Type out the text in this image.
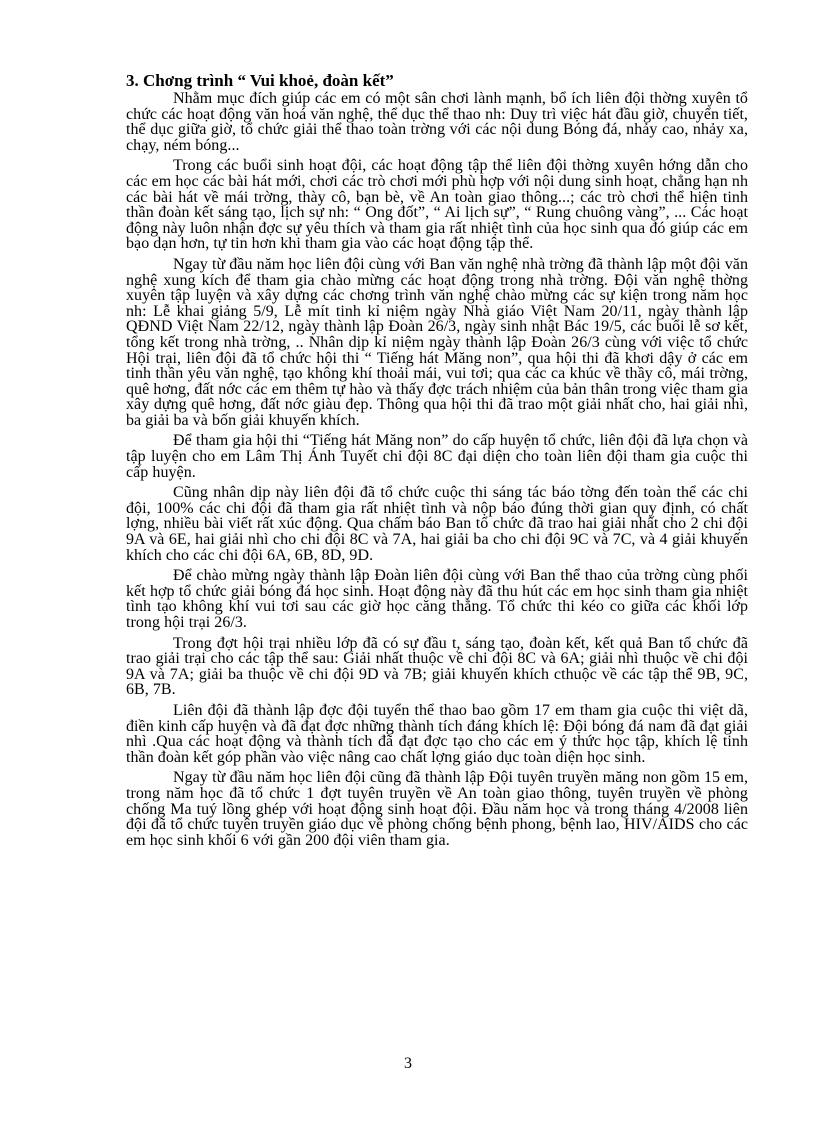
3. Chơng trình “ Vui khoẻ, đoàn kết”

Nhằm mục đích giúp các em có một sân chơi lành mạnh, bổ ích liên đội thờng xuyên tổ chức các hoạt động văn hoá văn nghệ, thể dục thể thao nh: Duy trì việc hát đầu giờ, chuyển tiết, thể dục giữa giờ, tổ chức giải thể thao toàn trờng với các nội dung Bóng đá, nhảy cao, nhảy xa, chạy, ném bóng...

Trong các buổi sinh hoạt đội, các hoạt động tập thể liên đội thờng xuyên hớng dẫn cho các em học các bài hát mới, chơi các trò chơi mới phù hợp với nội dung sinh hoạt, chẳng hạn nh các bài hát về mái trờng, thày cô, bạn bè, về An toàn giao thông...; các trò chơi thể hiện tinh thần đoàn kết sáng tạo, lịch sự nh: “ Ong đốt”, “ Ai lịch sự”, “ Rung chuông vàng”, ... Các hoạt động này luôn nhận đợc sự yêu thích và tham gia rất nhiệt tình của học sinh qua đó giúp các em bạo dạn hơn, tự tin hơn khi tham gia vào các hoạt động tập thể.

Ngay từ đầu năm học liên đội cùng với Ban văn nghệ nhà trờng đã thành lập một đội văn nghệ xung kích để tham gia chào mừng các hoạt động trong nhà trờng. Đội văn nghệ thờng xuyên tập luyện và xây dựng các chơng trình văn nghệ chào mừng các sự kiện trong năm học nh: Lễ khai giảng 5/9, Lễ mít tinh kỉ niệm ngày Nhà giáo Việt Nam 20/11, ngày thành lập QĐND Việt Nam 22/12, ngày thành lập Đoàn 26/3, ngày sinh nhật Bác 19/5, các buổi lễ sơ kết, tổng kết trong nhà trờng, .. Nhân dịp kỉ niệm ngày thành lập Đoàn 26/3 cùng với việc tổ chức Hội trại, liên đội đã tổ chức hội thi “ Tiếng hát Măng non”, qua hội thi đã khơi dậy ở các em tinh thần yêu văn nghệ, tạo không khí thoải mái, vui tơi; qua các ca khúc về thầy cô, mái trờng, quê hơng, đất nớc các em thêm tự hào và thấy đợc trách nhiệm của bản thân trong việc tham gia xây dựng quê hơng, đất nớc giàu đẹp. Thông qua hội thi đã trao một giải nhất cho, hai giải nhì, ba giải ba và bốn giải khuyến khích.

Để tham gia hội thi “Tiếng hát Măng non” do cấp huyện tổ chức, liên đội đã lựa chọn và tập luyện cho em Lâm Thị Ánh Tuyết chi đội 8C đại diện cho toàn liên đội tham gia cuộc thi cấp huyện.

Cũng nhân dịp này liên đội đã tổ chức cuộc thi sáng tác báo tờng đến toàn thể các chi đội, 100% các chi đội đã tham gia rất nhiệt tình và nộp báo đúng thời gian quy định, có chất lợng, nhiều bài viết rất xúc động. Qua chấm báo Ban tổ chức đã trao hai giải nhất cho 2 chi đội 9A và 6E, hai giải nhì cho chi đội 8C và 7A, hai giải ba cho chi đội 9C và 7C, và 4 giải khuyến khích cho các chi đội 6A, 6B, 8D, 9D.

Để chào mừng ngày thành lập Đoàn liên đội cùng với Ban thể thao của trờng cùng phối kết hợp tổ chức giải bóng đá học sinh. Hoạt động này đã thu hút các em học sinh tham gia nhiệt tình tạo không khí vui tơi sau các giờ học căng thẳng. Tổ chức thi kéo co giữa các khối lớp trong hội trại 26/3.

Trong đợt hội trại nhiều lớp đã có sự đầu t, sáng tạo, đoàn kết, kết quả Ban tổ chức đã trao giải trại cho các tập thể sau: Giải nhất thuộc về chi đội 8C và 6A; giải nhì thuộc về chi đội 9A và 7A; giải ba thuộc về chi đội 9D và 7B; giải khuyến khích cthuộc về các tập thể 9B, 9C, 6B, 7B.

Liên đội đã thành lập đợc đội tuyển thể thao bao gồm 17 em tham gia cuộc thi việt dã, điền kinh cấp huyện và đã đạt đợc những thành tích đáng khích lệ: Đội bóng đá nam đã đạt giải nhì .Qua các hoạt động và thành tích đã đạt đợc tạo cho các em ý thức học tập, khích lệ tinh thần đoàn kết góp phần vào việc nâng cao chất lợng giáo dục toàn diện học sinh.

Ngay từ đầu năm học liên đội cũng đã thành lập Đội tuyên truyền măng non gồm 15 em, trong năm học đã tổ chức 1 đợt tuyên truyền về An toàn giao thông, tuyên truyền về phòng chống Ma tuý lồng ghép với hoạt động sinh hoạt đội. Đầu năm học và trong tháng 4/2008 liên đội đã tổ chức tuyên truyền giáo dục về phòng chống bệnh phong, bệnh lao, HIV/AIDS cho các em học sinh khối 6 với gần 200 đội viên tham gia.

3
